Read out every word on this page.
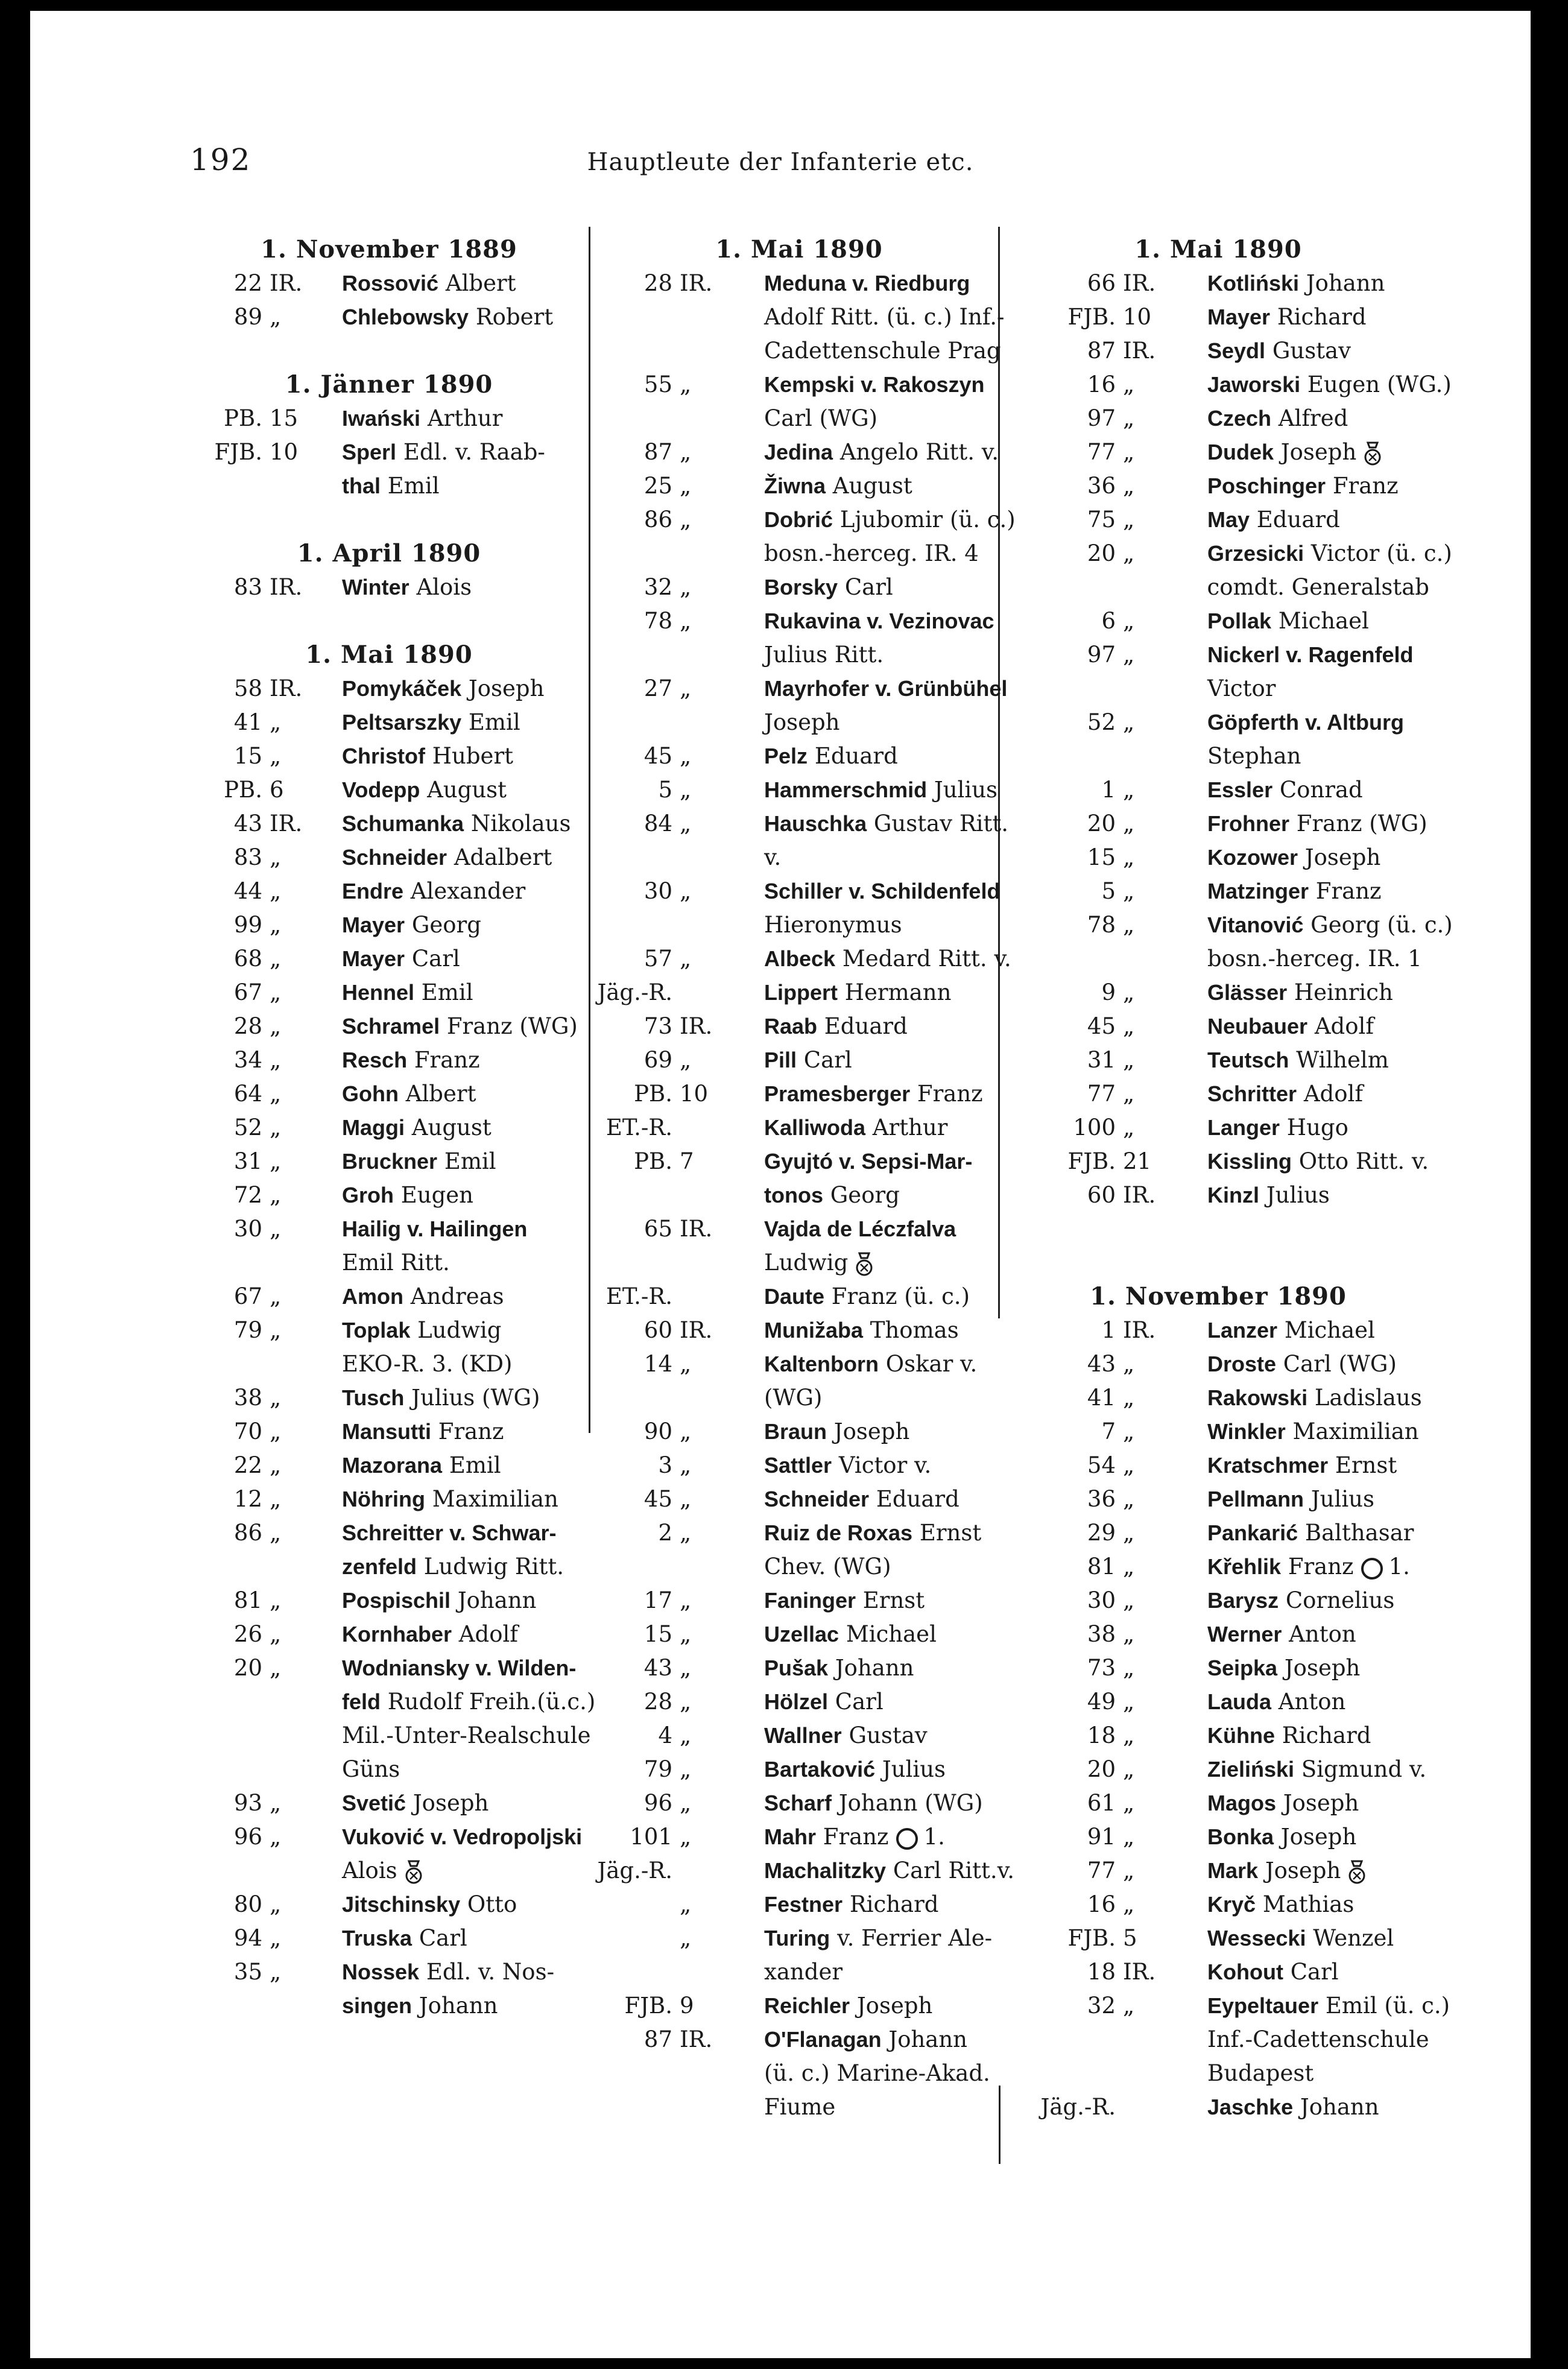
192	Hauptleute der Infanterie etc.
1. November 1889
22 IR.	Rossović Albert
89 „	Chlebowsky Robert
1. Jänner 1890
PB. 15	Iwański Arthur
FJB. 10	Sperl Edl. v. Raab-
thal Emil
1. April 1890
83 IR.	Winter Alois
1. Mai 1890
58 IR.	Pomykáček Joseph
41 „	Peltsarszky Emil
15 „	Christof Hubert
PB. 6	Vodepp August
43 IR.	Schumanka Nikolaus
83 „	Schneider Adalbert
44 „	Endre Alexander
99 „	Mayer Georg
68 „	Mayer Carl
67 „	Hennel Emil
28 „	Schramel Franz (WG)
34 „	Resch Franz
64 „	Gohn Albert
52 „	Maggi August
31 „	Bruckner Emil
72 „	Groh Eugen
30 „	Hailig v. Hailingen
Emil Ritt.
67 „	Amon Andreas
79 „	Toplak Ludwig
EKO-R. 3. (KD)
38 „	Tusch Julius (WG)
70 „	Mansutti Franz
22 „	Mazorana Emil
12 „	Nöhring Maximilian
86 „	Schreitter v. Schwar-
zenfeld Ludwig Ritt.
81 „	Pospischil Johann
26 „	Kornhaber Adolf
20 „	Wodniansky v. Wilden-
feld Rudolf Freih.(ü.c.)
Mil.-Unter-Realschule
Güns
93 „	Svetić Joseph
96 „	Vuković v. Vedropoljski
Alois
80 „	Jitschinsky Otto
94 „	Truska Carl
35 „	Nossek Edl. v. Nos-
singen Johann
1. Mai 1890
28 IR.	Meduna v. Riedburg
Adolf Ritt. (ü. c.) Inf.-
Cadettenschule Prag
55 „	Kempski v. Rakoszyn
Carl (WG)
87 „	Jedina Angelo Ritt. v.
25 „	Žiwna August
86 „	Dobrić Ljubomir (ü. c.)
bosn.-herceg. IR. 4
32 „	Borsky Carl
78 „	Rukavina v. Vezinovac
Julius Ritt.
27 „	Mayrhofer v. Grünbühel
Joseph
45 „	Pelz Eduard
5 „	Hammerschmid Julius
84 „	Hauschka Gustav Ritt.
v.
30 „	Schiller v. Schildenfeld
Hieronymus
57 „	Albeck Medard Ritt. v.
Jäg.-R.	Lippert Hermann
73 IR.	Raab Eduard
69 „	Pill Carl
PB. 10	Pramesberger Franz
ET.-R.	Kalliwoda Arthur
PB. 7	Gyujtó v. Sepsi-Mar-
tonos Georg
65 IR.	Vajda de Léczfalva
Ludwig
ET.-R.	Daute Franz (ü. c.)
60 IR.	Munižaba Thomas
14 „	Kaltenborn Oskar v.
(WG)
90 „	Braun Joseph
3 „	Sattler Victor v.
45 „	Schneider Eduard
2 „	Ruiz de Roxas Ernst
Chev. (WG)
17 „	Faninger Ernst
15 „	Uzellac Michael
43 „	Pušak Johann
28 „	Hölzel Carl
4 „	Wallner Gustav
79 „	Bartaković Julius
96 „	Scharf Johann (WG)
101 „	Mahr Franz 1.
Jäg.-R.	Machalitzky Carl Ritt.v.
„	Festner Richard
„	Turing v. Ferrier Ale-
xander
FJB. 9	Reichler Joseph
87 IR.	O'Flanagan Johann
(ü. c.) Marine-Akad.
Fiume
1. Mai 1890
66 IR.	Kotliński Johann
FJB. 10	Mayer Richard
87 IR.	Seydl Gustav
16 „	Jaworski Eugen (WG.)
97 „	Czech Alfred
77 „	Dudek Joseph
36 „	Poschinger Franz
75 „	May Eduard
20 „	Grzesicki Victor (ü. c.)
comdt. Generalstab
6 „	Pollak Michael
97 „	Nickerl v. Ragenfeld
Victor
52 „	Göpferth v. Altburg
Stephan
1 „	Essler Conrad
20 „	Frohner Franz (WG)
15 „	Kozower Joseph
5 „	Matzinger Franz
78 „	Vitanović Georg (ü. c.)
bosn.-herceg. IR. 1
9 „	Glässer Heinrich
45 „	Neubauer Adolf
31 „	Teutsch Wilhelm
77 „	Schritter Adolf
100 „	Langer Hugo
FJB. 21	Kissling Otto Ritt. v.
60 IR.	Kinzl Julius
1. November 1890
1 IR.	Lanzer Michael
43 „	Droste Carl (WG)
41 „	Rakowski Ladislaus
7 „	Winkler Maximilian
54 „	Kratschmer Ernst
36 „	Pellmann Julius
29 „	Pankarić Balthasar
81 „	Křehlik Franz 1.
30 „	Barysz Cornelius
38 „	Werner Anton
73 „	Seipka Joseph
49 „	Lauda Anton
18 „	Kühne Richard
20 „	Zieliński Sigmund v.
61 „	Magos Joseph
91 „	Bonka Joseph
77 „	Mark Joseph
16 „	Kryč Mathias
FJB. 5	Wessecki Wenzel
18 IR.	Kohout Carl
32 „	Eypeltauer Emil (ü. c.)
Inf.-Cadettenschule
Budapest
Jäg.-R.	Jaschke Johann
